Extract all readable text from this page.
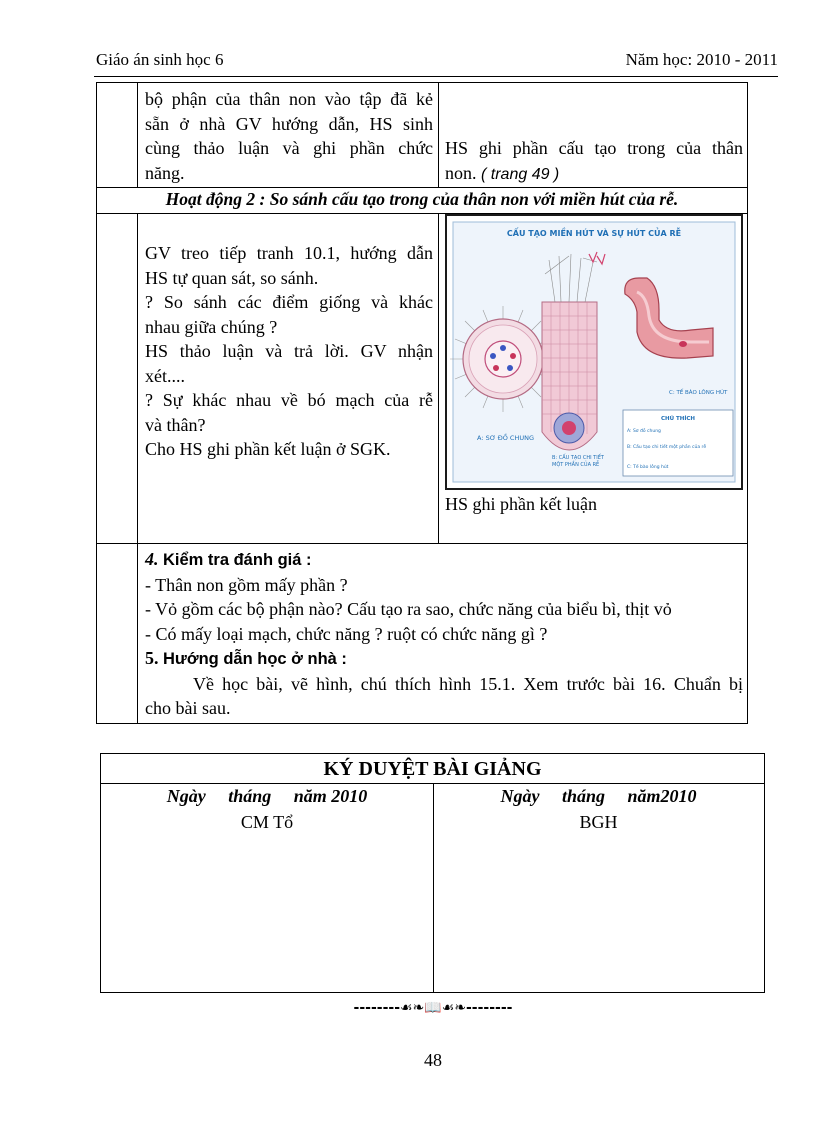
Giáo án sinh học 6	Năm học: 2010 - 2011
bộ phận của thân non vào tập đã kẻ
sẵn ở nhà GV hướng dẫn, HS sinh
cùng thảo luận và ghi phần chức
năng.
HS ghi phần cấu tạo trong của thân
non. ( trang 49 )
Hoạt động 2 : So sánh cấu tạo trong của thân non với miền hút của rễ.
GV treo tiếp tranh 10.1, hướng dẫn
HS tự quan sát, so sánh.
? So sánh các điểm giống và khác
nhau giữa chúng ?
HS thảo luận và trả lời. GV nhận
xét....
? Sự khác nhau về bó mạch của rễ
và thân?
Cho HS ghi phần kết luận ở SGK.
HS ghi phần kết luận
4. Kiểm tra đánh giá :
- Thân non gồm mấy phần ?
- Vỏ gồm các bộ phận nào? Cấu tạo ra sao, chức năng của biểu bì, thịt vỏ
- Có mấy loại mạch, chức năng ? ruột có chức năng gì ?
5. Hướng dẫn học ở nhà :
Về học bài, vẽ hình, chú thích hình 15.1. Xem trước bài 16. Chuẩn bị
cho bài sau.
CẤU TẠO MIỀN HÚT VÀ SỰ HÚT CỦA RỄ
A: SƠ ĐỒ CHUNG
B: CẤU TẠO CHI TIẾT
MỘT PHẦN CỦA RỄ
C: TẾ BÀO LÔNG HÚT
CHÚ THÍCH
A: Sơ đồ chung
B: Cấu tạo chi tiết một phần của rễ
C: Tế bào lông hút
KÝ DUYỆT BÀI GIẢNG
Ngày     tháng     năm 2010
CM Tổ
Ngày     tháng     năm2010
BGH
--------☙❧📖☙❧--------
48
